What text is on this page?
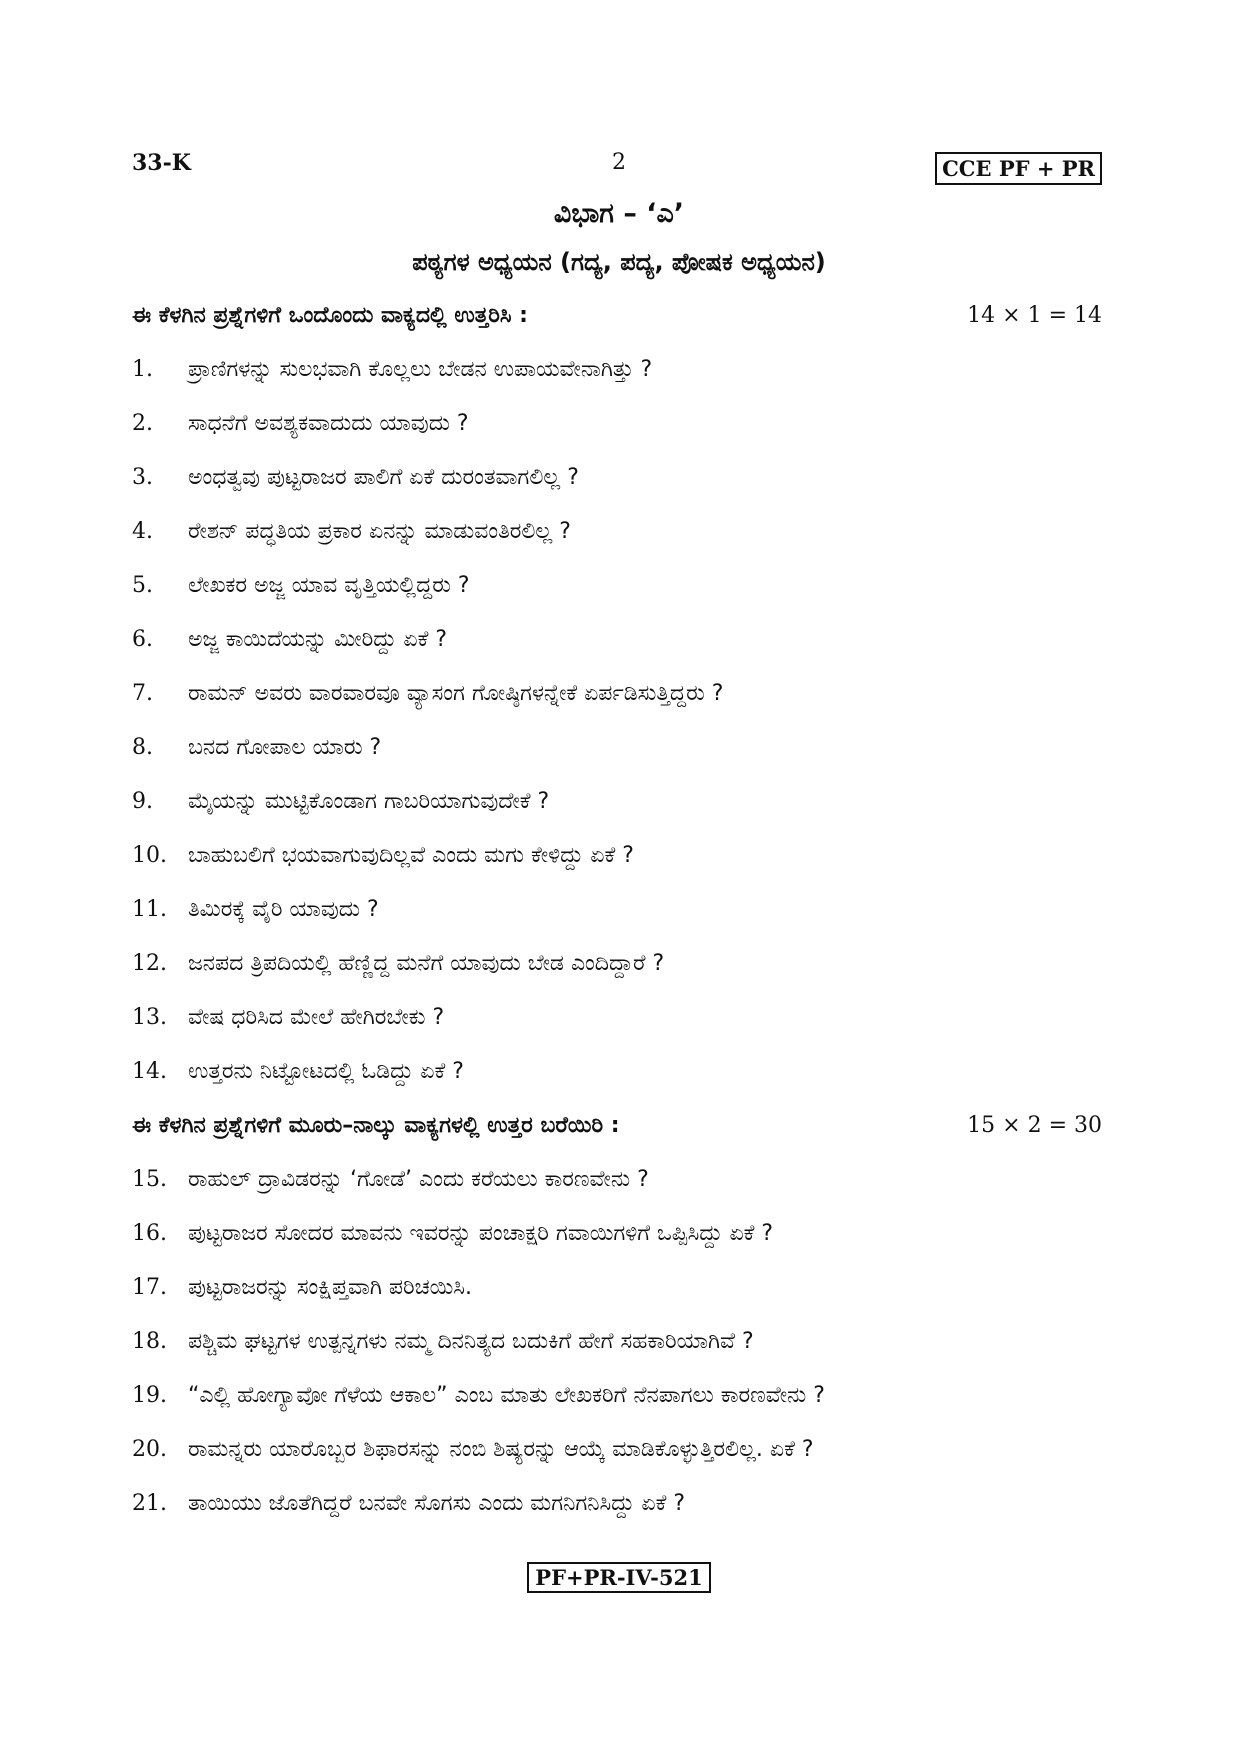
33-K	2	CCE PF + PR
ವಿಭಾಗ – ‘ಎ’
ಪಠ್ಯಗಳ ಅಧ್ಯಯನ (ಗದ್ಯ, ಪದ್ಯ, ಪೋಷಕ ಅಧ್ಯಯನ)
ಈ ಕೆಳಗಿನ ಪ್ರಶ್ನೆಗಳಿಗೆ ಒಂದೊಂದು ವಾಕ್ಯದಲ್ಲಿ ಉತ್ತರಿಸಿ :	14 × 1 = 14
1. ಪ್ರಾಣಿಗಳನ್ನು ಸುಲಭವಾಗಿ ಕೊಲ್ಲಲು ಬೇಡನ ಉಪಾಯವೇನಾಗಿತ್ತು ?
2. ಸಾಧನೆಗೆ ಅವಶ್ಯಕವಾದುದು ಯಾವುದು ?
3. ಅಂಧತ್ವವು ಪುಟ್ಟರಾಜರ ಪಾಲಿಗೆ ಏಕೆ ದುರಂತವಾಗಲಿಲ್ಲ ?
4. ರೇಶನ್ ಪದ್ಧತಿಯ ಪ್ರಕಾರ ಏನನ್ನು ಮಾಡುವಂತಿರಲಿಲ್ಲ ?
5. ಲೇಖಕರ ಅಜ್ಜ ಯಾವ ವೃತ್ತಿಯಲ್ಲಿದ್ದರು ?
6. ಅಜ್ಜ ಕಾಯಿದೆಯನ್ನು ಮೀರಿದ್ದು ಏಕೆ ?
7. ರಾಮನ್ ಅವರು ವಾರವಾರವೂ ವ್ಯಾಸಂಗ ಗೋಷ್ಠಿಗಳನ್ನೇಕೆ ಏರ್ಪಡಿಸುತ್ತಿದ್ದರು ?
8. ಬನದ ಗೋಪಾಲ ಯಾರು ?
9. ಮೈಯನ್ನು ಮುಟ್ಟಿಕೊಂಡಾಗ ಗಾಬರಿಯಾಗುವುದೇಕೆ ?
10. ಬಾಹುಬಲಿಗೆ ಭಯವಾಗುವುದಿಲ್ಲವೆ ಎಂದು ಮಗು ಕೇಳಿದ್ದು ಏಕೆ ?
11. ತಿಮಿರಕ್ಕೆ ವೈರಿ ಯಾವುದು ?
12. ಜನಪದ ತ್ರಿಪದಿಯಲ್ಲಿ ಹೆಣ್ಣಿದ್ದ ಮನೆಗೆ ಯಾವುದು ಬೇಡ ಎಂದಿದ್ದಾರೆ ?
13. ವೇಷ ಧರಿಸಿದ ಮೇಲೆ ಹೇಗಿರಬೇಕು ?
14. ಉತ್ತರನು ನಿಟ್ಟೋಟದಲ್ಲಿ ಓಡಿದ್ದು ಏಕೆ ?
ಈ ಕೆಳಗಿನ ಪ್ರಶ್ನೆಗಳಿಗೆ ಮೂರು–ನಾಲ್ಕು ವಾಕ್ಯಗಳಲ್ಲಿ ಉತ್ತರ ಬರೆಯಿರಿ :	15 × 2 = 30
15. ರಾಹುಲ್ ದ್ರಾವಿಡರನ್ನು ‘ಗೋಡೆ’ ಎಂದು ಕರೆಯಲು ಕಾರಣವೇನು ?
16. ಪುಟ್ಟರಾಜರ ಸೋದರ ಮಾವನು ಇವರನ್ನು ಪಂಚಾಕ್ಷರಿ ಗವಾಯಿಗಳಿಗೆ ಒಪ್ಪಿಸಿದ್ದು ಏಕೆ ?
17. ಪುಟ್ಟರಾಜರನ್ನು ಸಂಕ್ಷಿಪ್ತವಾಗಿ ಪರಿಚಯಿಸಿ.
18. ಪಶ್ಚಿಮ ಘಟ್ಟಗಳ ಉತ್ಪನ್ನಗಳು ನಮ್ಮ ದಿನನಿತ್ಯದ ಬದುಕಿಗೆ ಹೇಗೆ ಸಹಕಾರಿಯಾಗಿವೆ ?
19. “ಎಲ್ಲಿ ಹೋಗ್ಯಾವೋ ಗೆಳೆಯ ಆಕಾಲ” ಎಂಬ ಮಾತು ಲೇಖಕರಿಗೆ ನೆನಪಾಗಲು ಕಾರಣವೇನು ?
20. ರಾಮನ್ನರು ಯಾರೊಬ್ಬರ ಶಿಫಾರಸನ್ನು ನಂಬಿ ಶಿಷ್ಯರನ್ನು ಆಯ್ಕೆ ಮಾಡಿಕೊಳ್ಳುತ್ತಿರಲಿಲ್ಲ. ಏಕೆ ?
21. ತಾಯಿಯು ಜೊತೆಗಿದ್ದರೆ ಬನವೇ ಸೊಗಸು ಎಂದು ಮಗನಿಗನಿಸಿದ್ದು ಏಕೆ ?
PF+PR-IV-521
